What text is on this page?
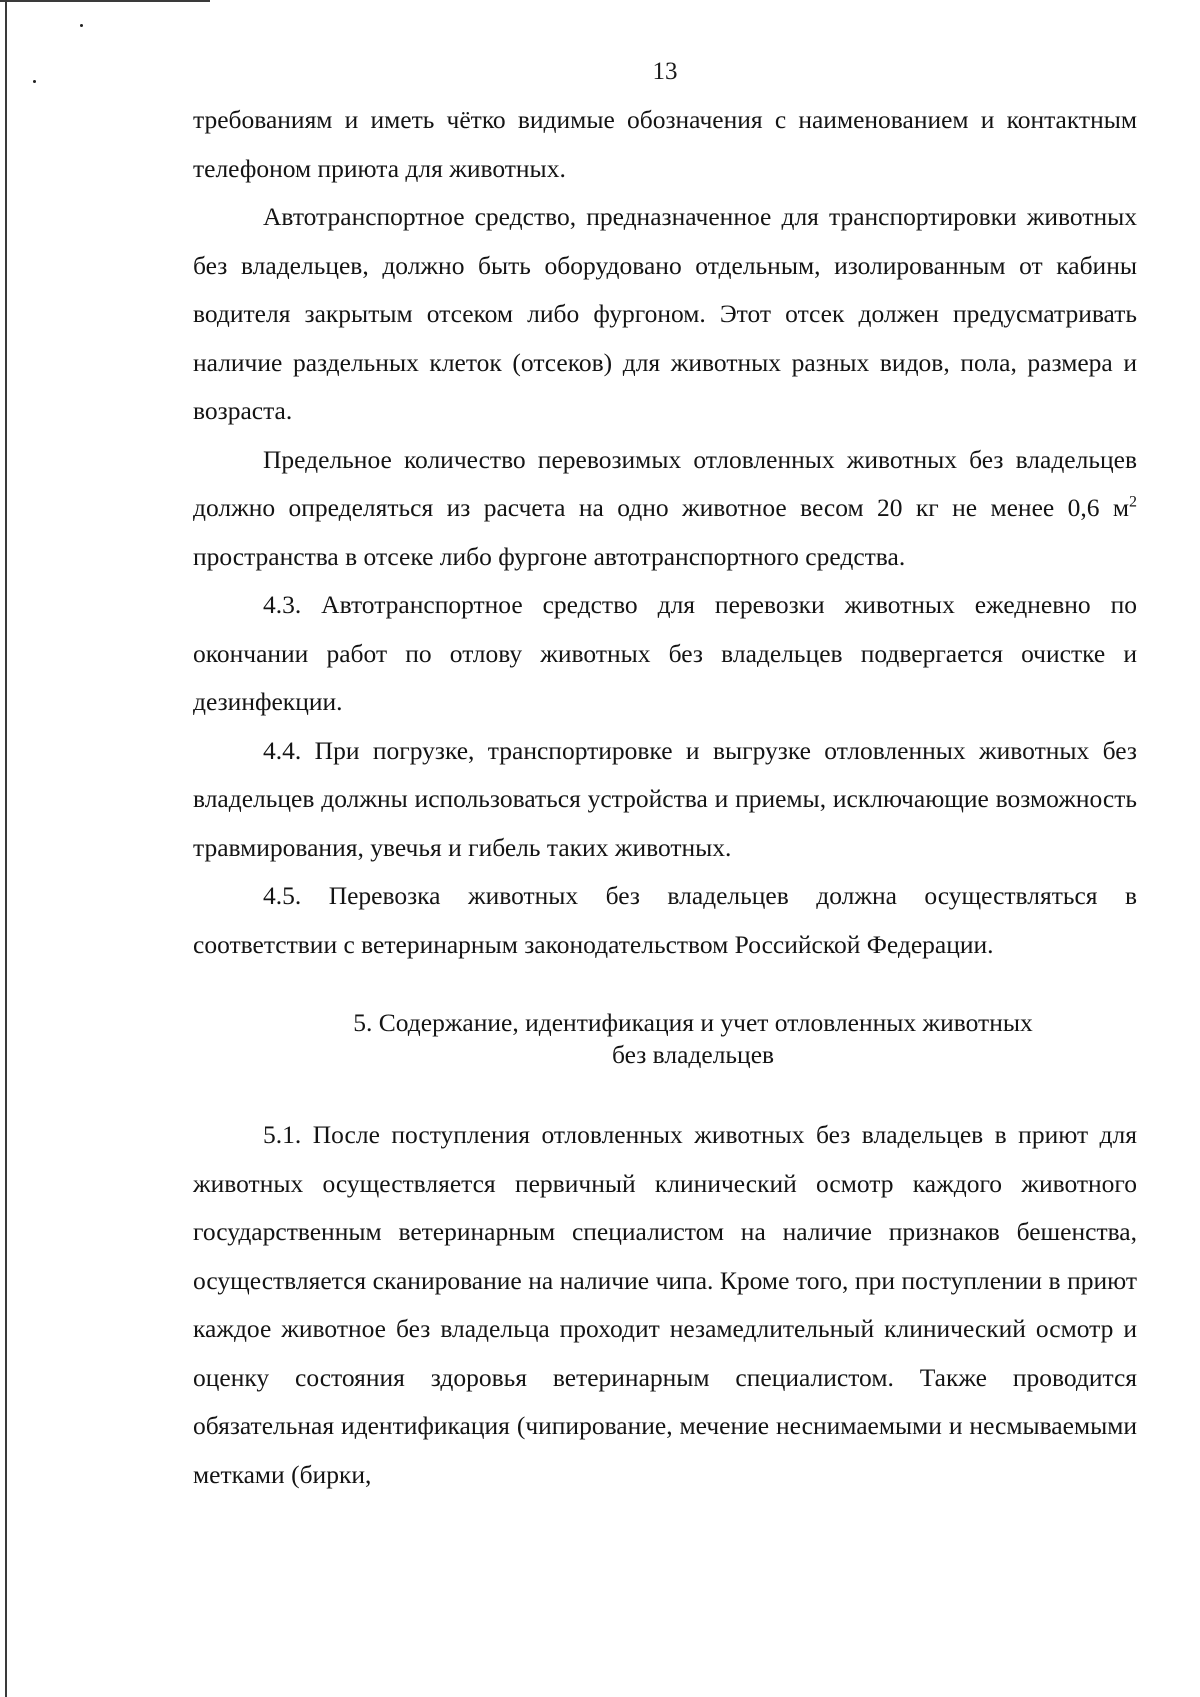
13

требованиям и иметь чётко видимые обозначения с наименованием и контактным телефоном приюта для животных.

Автотранспортное средство, предназначенное для транспортировки животных без владельцев, должно быть оборудовано отдельным, изолированным от кабины водителя закрытым отсеком либо фургоном. Этот отсек должен предусматривать наличие раздельных клеток (отсеков) для животных разных видов, пола, размера и возраста.

Предельное количество перевозимых отловленных животных без владельцев должно определяться из расчета на одно животное весом 20 кг не менее 0,6 $м^2$ пространства в отсеке либо фургоне автотранспортного средства.

4.3. Автотранспортное средство для перевозки животных ежедневно по окончании работ по отлову животных без владельцев подвергается очистке и дезинфекции.

4.4. При погрузке, транспортировке и выгрузке отловленных животных без владельцев должны использоваться устройства и приемы, исключающие возможность травмирования, увечья и гибель таких животных.

4.5. Перевозка животных без владельцев должна осуществляться в соответствии с ветеринарным законодательством Российской Федерации.

5. Содержание, идентификация и учет отловленных животных
без владельцев

5.1. После поступления отловленных животных без владельцев в приют для животных осуществляется первичный клинический осмотр каждого животного государственным ветеринарным специалистом на наличие признаков бешенства, осуществляется сканирование на наличие чипа. Кроме того, при поступлении в приют каждое животное без владельца проходит незамедлительный клинический осмотр и оценку состояния здоровья ветеринарным специалистом. Также проводится обязательная идентификация (чипирование, мечение неснимаемыми и несмываемыми метками (бирки,
